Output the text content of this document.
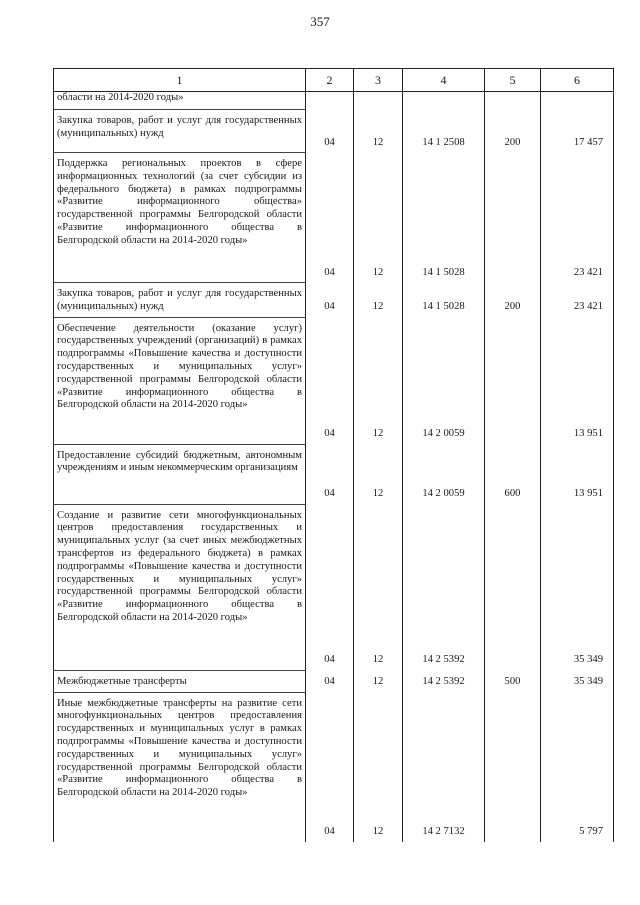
357
1	2	3	4	5	6

области на 2014-2020 годы»					

Закупка товаров, работ и услуг для государственных (муниципальных) нужд	04	12	14 1 2508	200	17 457

Поддержка региональных проектов в сфере информационных технологий (за счет субсидии из федерального бюджета) в рамках подпрограммы «Развитие информационного общества» государственной программы Белгородской области «Развитие информационного общества в Белгородской области на 2014-2020 годы»	04	12	14 1 5028		23 421

Закупка товаров, работ и услуг для государственных (муниципальных) нужд	04	12	14 1 5028	200	23 421

Обеспечение деятельности (оказание услуг) государственных учреждений (организаций) в рамках подпрограммы «Повышение качества и доступности государственных и муниципальных услуг» государственной программы Белгородской области «Развитие информационного общества в Белгородской области на 2014-2020 годы»	04	12	14 2 0059		13 951

Предоставление субсидий бюджетным, автономным учреждениям и иным некоммерческим организациям	04	12	14 2 0059	600	13 951

Создание и развитие сети многофункциональных центров предоставления государственных и муниципальных услуг (за счет иных межбюджетных трансфертов из федерального бюджета) в рамках подпрограммы «Повышение качества и доступности государственных и муниципальных услуг» государственной программы Белгородской области «Развитие информационного общества в Белгородской области на 2014-2020 годы»	04	12	14 2 5392		35 349

Межбюджетные трансферты	04	12	14 2 5392	500	35 349

Иные межбюджетные трансферты на развитие сети многофункциональных центров предоставления государственных и муниципальных услуг в рамках подпрограммы «Повышение качества и доступности государственных и муниципальных услуг» государственной программы Белгородской области «Развитие информационного общества в Белгородской области на 2014-2020 годы»	04	12	14 2 7132		5 797
